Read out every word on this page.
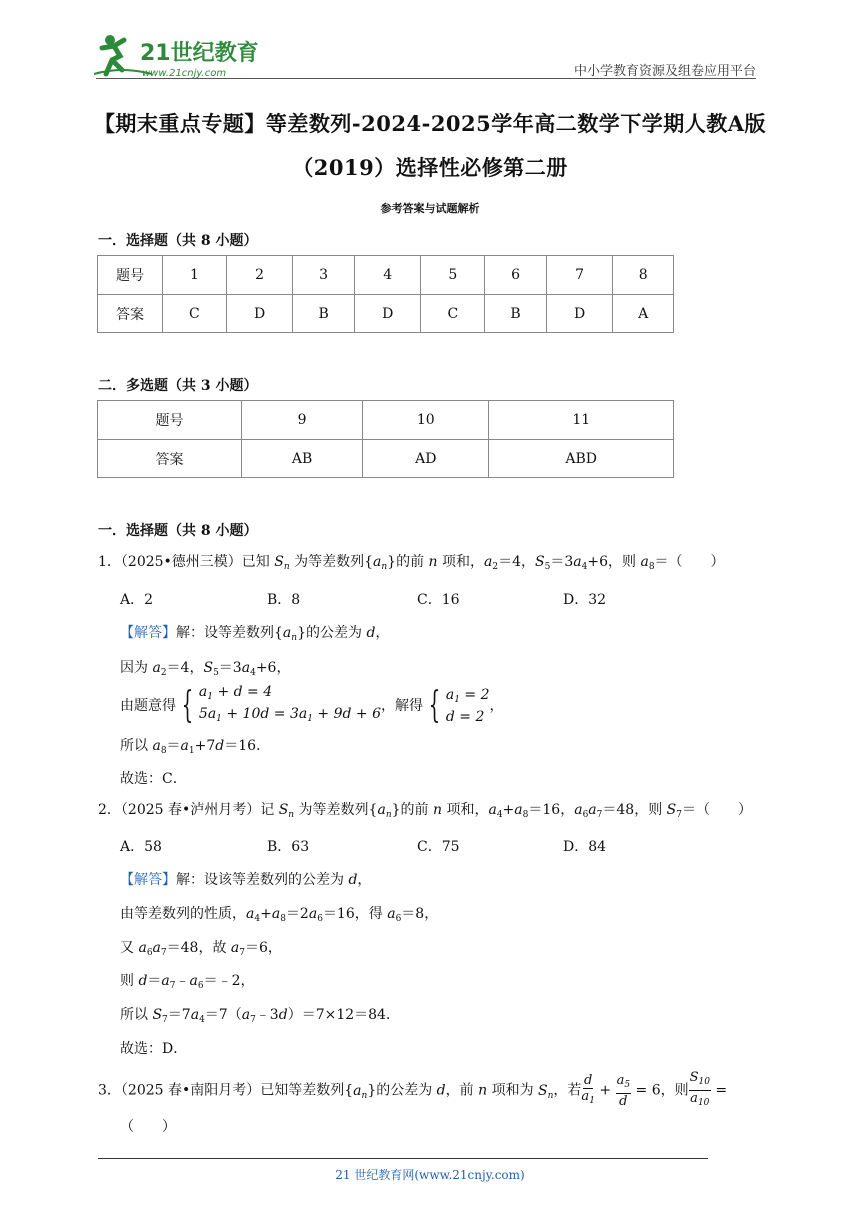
21世纪教育
www.21cnjy.com	中小学教育资源及组卷应用平台
【期末重点专题】等差数列-2024-2025学年高二数学下学期人教A版
（2019）选择性必修第二册
参考答案与试题解析
一．选择题（共 8 小题）
题号	1	2	3	4	5	6	7	8
答案	C	D	B	D	C	B	D	A
二．多选题（共 3 小题）
题号	9	10	11
答案	AB	AD	ABD
一．选择题（共 8 小题）
1．（2025•德州三模）已知 $S_n$ 为等差数列$\{a_n\}$的前 n 项和，$a_2=4$，$S_5=3a_4+6$，则 $a_8=$（　　）
A．2	B．8	C．16	D．32
【解答】解：设等差数列$\{a_n\}$的公差为 d，
因为 $a_2=4$，$S_5=3a_4+6$，
由题意得 { $a_1 + d = 4$
$5a_1 + 10d = 3a_1 + 9d + 6$，解得 { $a_1 = 2$
d = 2，
所以 $a_8=a_1+7d=16$．
故选：C．
2．（2025 春•泸州月考）记 $S_n$ 为等差数列$\{a_n\}$的前 n 项和，$a_4+a_8=16$，$a_6a_7=48$，则 $S_7=$（　　）
A．58	B．63	C．75	D．84
【解答】解：设该等差数列的公差为 d，
由等差数列的性质，$a_4+a_8=2a_6=16$，得 $a_6=8$，
又 $a_6a_7=48$，故 $a_7=6$，
则 $d=a_7﹣a_6=﹣2$，
所以 $S_7=7a_4=7(a_7﹣3d)=7\times 12=84$．
故选：D．
3．（2025 春•南阳月考）已知等差数列$\{a_n\}$的公差为 d，前 n 项和为 $S_n$，若 $\frac{d}{a_1} + \frac{a_5}{d} = 6$，则 $\frac{S_{10}}{a_{10}}$ =
（　　）
21 世纪教育网(www.21cnjy.com)
